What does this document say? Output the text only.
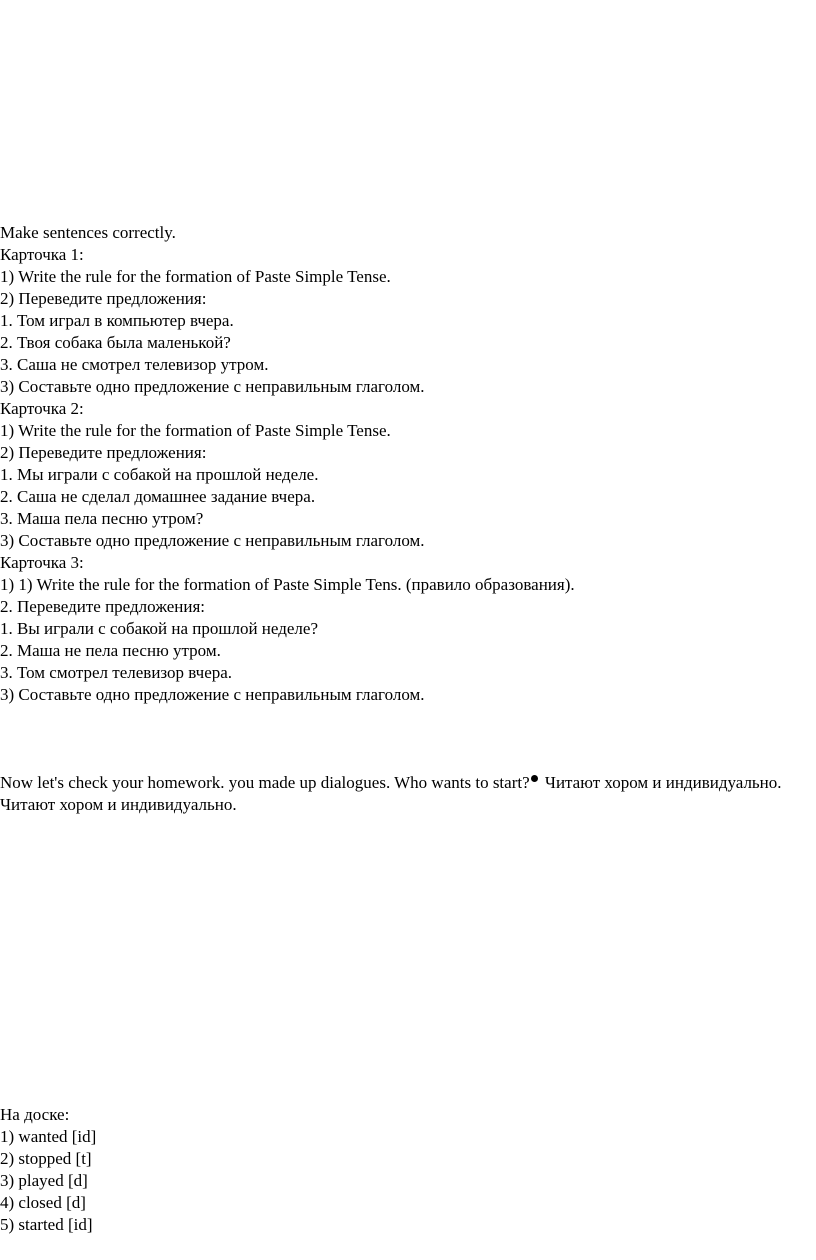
Make sentences correctly.
Карточка 1:
1) Write the rule for the formation of Paste Simple Tense.
2) Переведите предложения:
1. Том играл в компьютер вчера.
2. Твоя собака была маленькой?
3. Саша не смотрел телевизор утром.
3) Составьте одно предложение с неправильным глаголом.
Карточка 2:
1) Write the rule for the formation of Paste Simple Tense.
2) Переведите предложения:
1. Мы играли с собакой на прошлой неделе.
2. Саша не сделал домашнее задание вчера.
3. Маша пела песню утром?
3) Составьте одно предложение с неправильным глаголом.
Карточка 3:
1) 1) Write the rule for the formation of Paste Simple Tens. (правило образования).
2. Переведите предложения:
1. Вы играли с собакой на прошлой неделе?
2. Маша не пела песню утром.
3. Том смотрел телевизор вчера.
3) Составьте одно предложение с неправильным глаголом.
Now let's check your homework. you made up dialogues. Who wants to start? Читают хором и индивидуально.
Читают хором и индивидуально.
На доске:
1) wanted [id]
2) stopped [t]
3) played [d]
4) closed [d]
5) started [id]
